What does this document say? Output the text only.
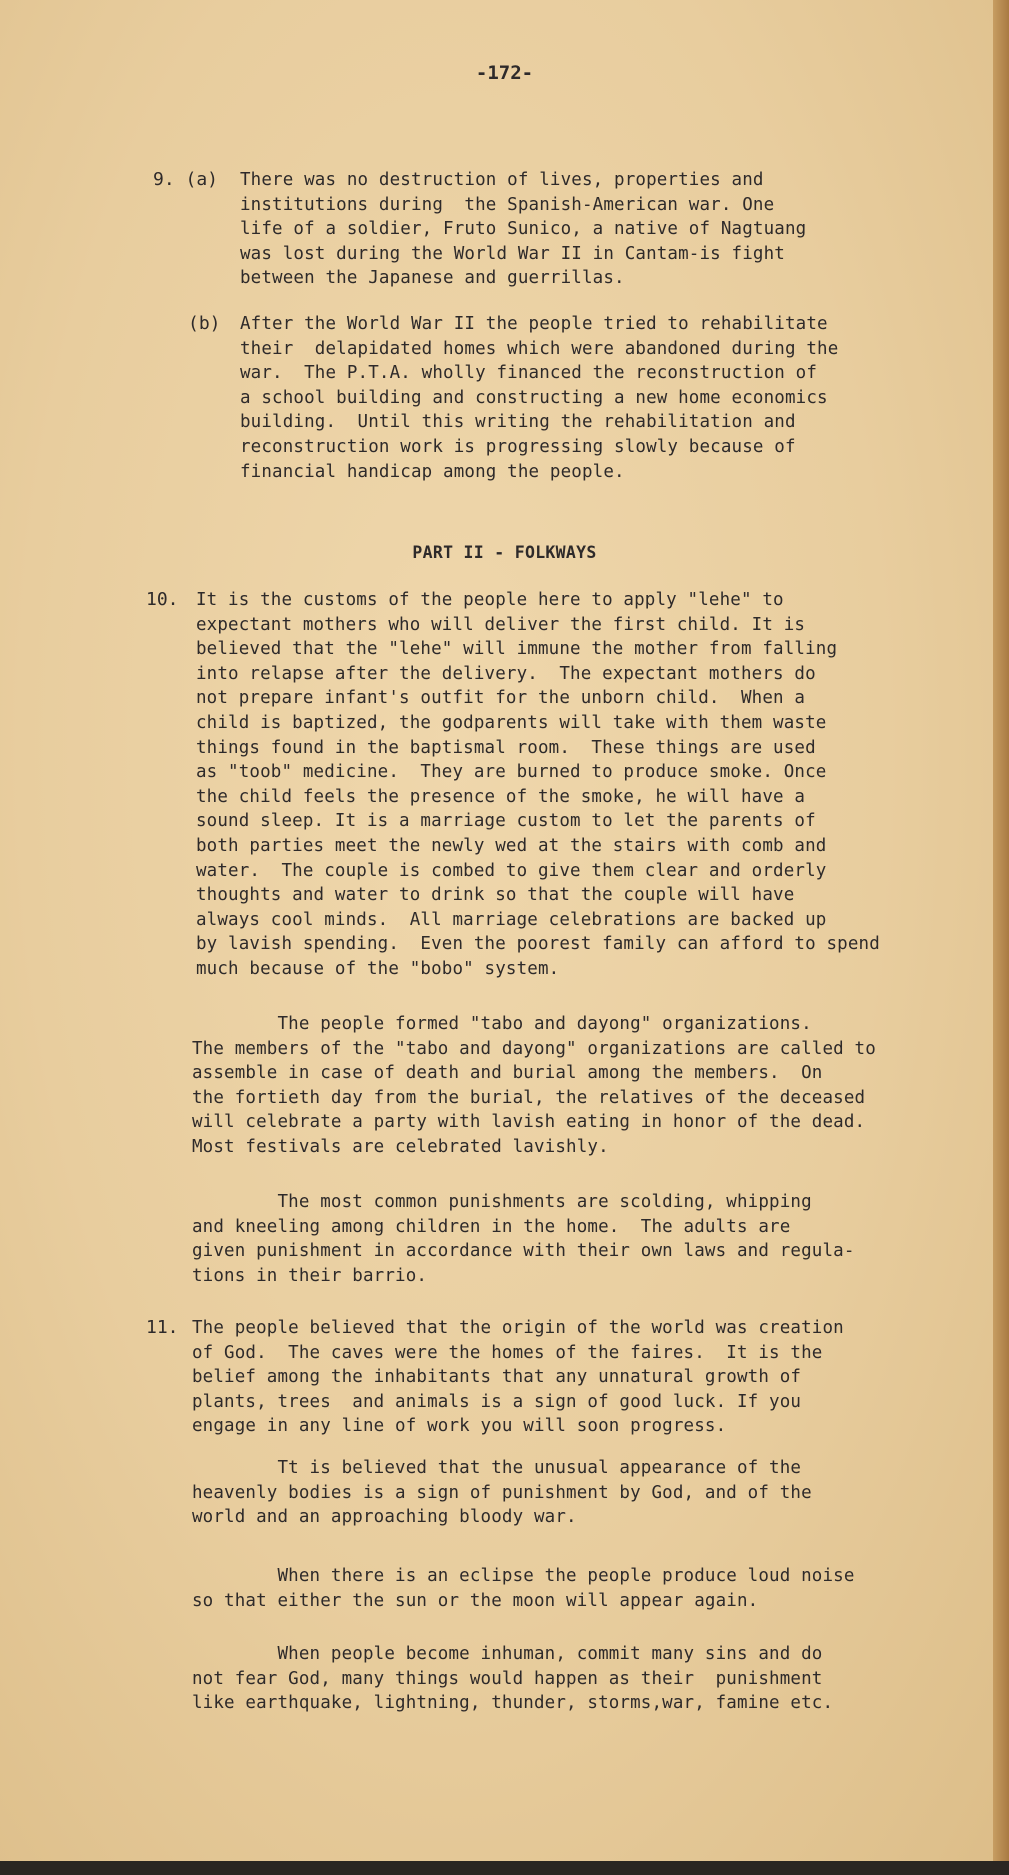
-172-
9. (a) There was no destruction of lives, properties and
institutions during  the Spanish-American war. One
life of a soldier, Fruto Sunico, a native of Nagtuang
was lost during the World War II in Cantam-is fight
between the Japanese and guerrillas.
(b) After the World War II the people tried to rehabilitate
their  delapidated homes which were abandoned during the
war.  The P.T.A. wholly financed the reconstruction of
a school building and constructing a new home economics
building.  Until this writing the rehabilitation and
reconstruction work is progressing slowly because of
financial handicap among the people.
PART II - FOLKWAYS
10. It is the customs of the people here to apply "lehe" to
expectant mothers who will deliver the first child. It is
believed that the "lehe" will immune the mother from falling
into relapse after the delivery.  The expectant mothers do
not prepare infant's outfit for the unborn child.  When a
child is baptized, the godparents will take with them waste
things found in the baptismal room.  These things are used
as "toob" medicine.  They are burned to produce smoke. Once
the child feels the presence of the smoke, he will have a
sound sleep. It is a marriage custom to let the parents of
both parties meet the newly wed at the stairs with comb and
water.  The couple is combed to give them clear and orderly
thoughts and water to drink so that the couple will have
always cool minds.  All marriage celebrations are backed up
by lavish spending.  Even the poorest family can afford to spend
much because of the "bobo" system.
The people formed "tabo and dayong" organizations.
The members of the "tabo and dayong" organizations are called to
assemble in case of death and burial among the members.  On
the fortieth day from the burial, the relatives of the deceased
will celebrate a party with lavish eating in honor of the dead.
Most festivals are celebrated lavishly.
The most common punishments are scolding, whipping
and kneeling among children in the home.  The adults are
given punishment in accordance with their own laws and regula-
tions in their barrio.
11. The people believed that the origin of the world was creation
of God.  The caves were the homes of the faires.  It is the
belief among the inhabitants that any unnatural growth of
plants, trees  and animals is a sign of good luck. If you
engage in any line of work you will soon progress.
Tt is believed that the unusual appearance of the
heavenly bodies is a sign of punishment by God, and of the
world and an approaching bloody war.
When there is an eclipse the people produce loud noise
so that either the sun or the moon will appear again.
When people become inhuman, commit many sins and do
not fear God, many things would happen as their  punishment
like earthquake, lightning, thunder, storms,war, famine etc.
